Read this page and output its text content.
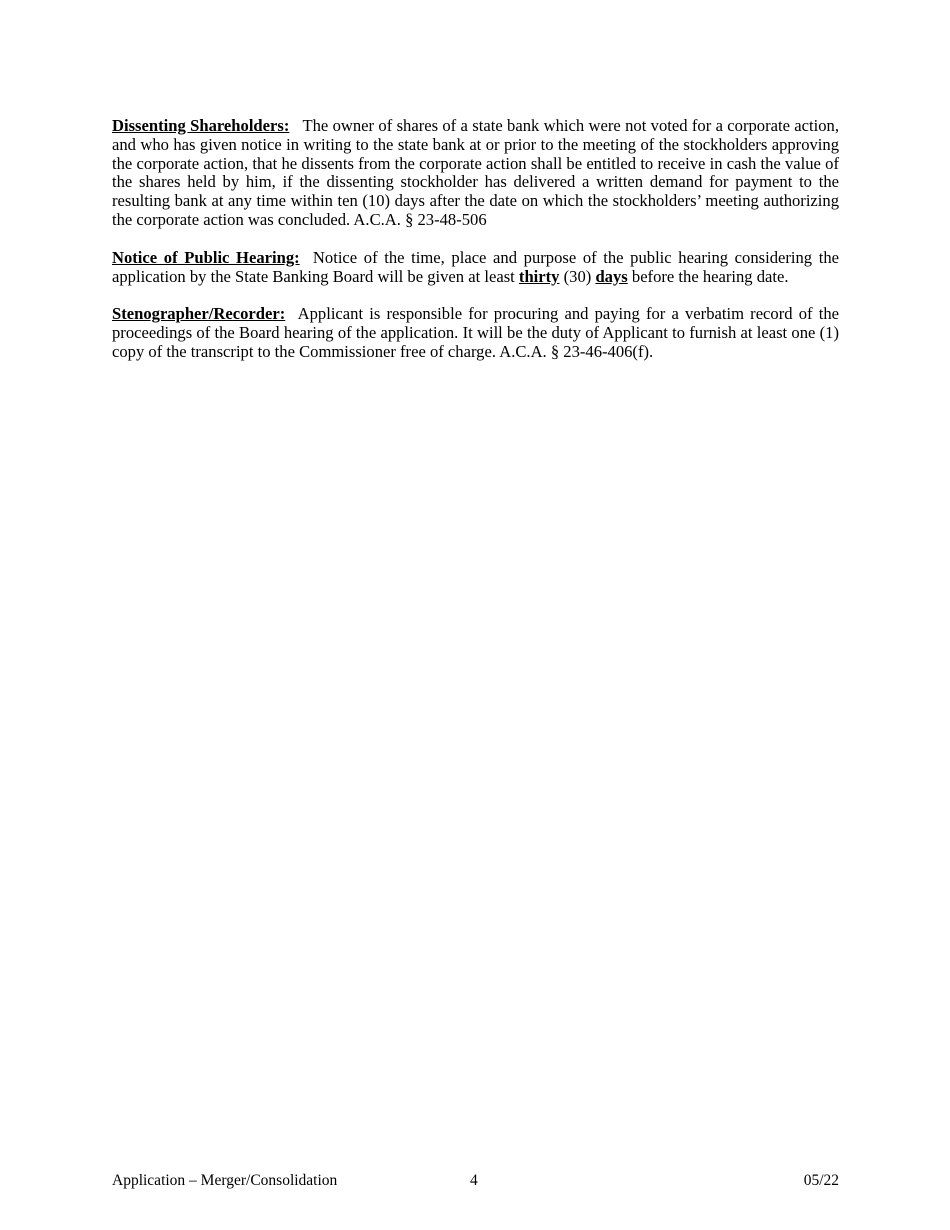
Dissenting Shareholders: The owner of shares of a state bank which were not voted for a corporate action, and who has given notice in writing to the state bank at or prior to the meeting of the stockholders approving the corporate action, that he dissents from the corporate action shall be entitled to receive in cash the value of the shares held by him, if the dissenting stockholder has delivered a written demand for payment to the resulting bank at any time within ten (10) days after the date on which the stockholders’ meeting authorizing the corporate action was concluded. A.C.A. § 23-48-506

Notice of Public Hearing: Notice of the time, place and purpose of the public hearing considering the application by the State Banking Board will be given at least thirty (30) days before the hearing date.

Stenographer/Recorder: Applicant is responsible for procuring and paying for a verbatim record of the proceedings of the Board hearing of the application. It will be the duty of Applicant to furnish at least one (1) copy of the transcript to the Commissioner free of charge. A.C.A. § 23-46-406(f).

Application – Merger/Consolidation	4	05/22
